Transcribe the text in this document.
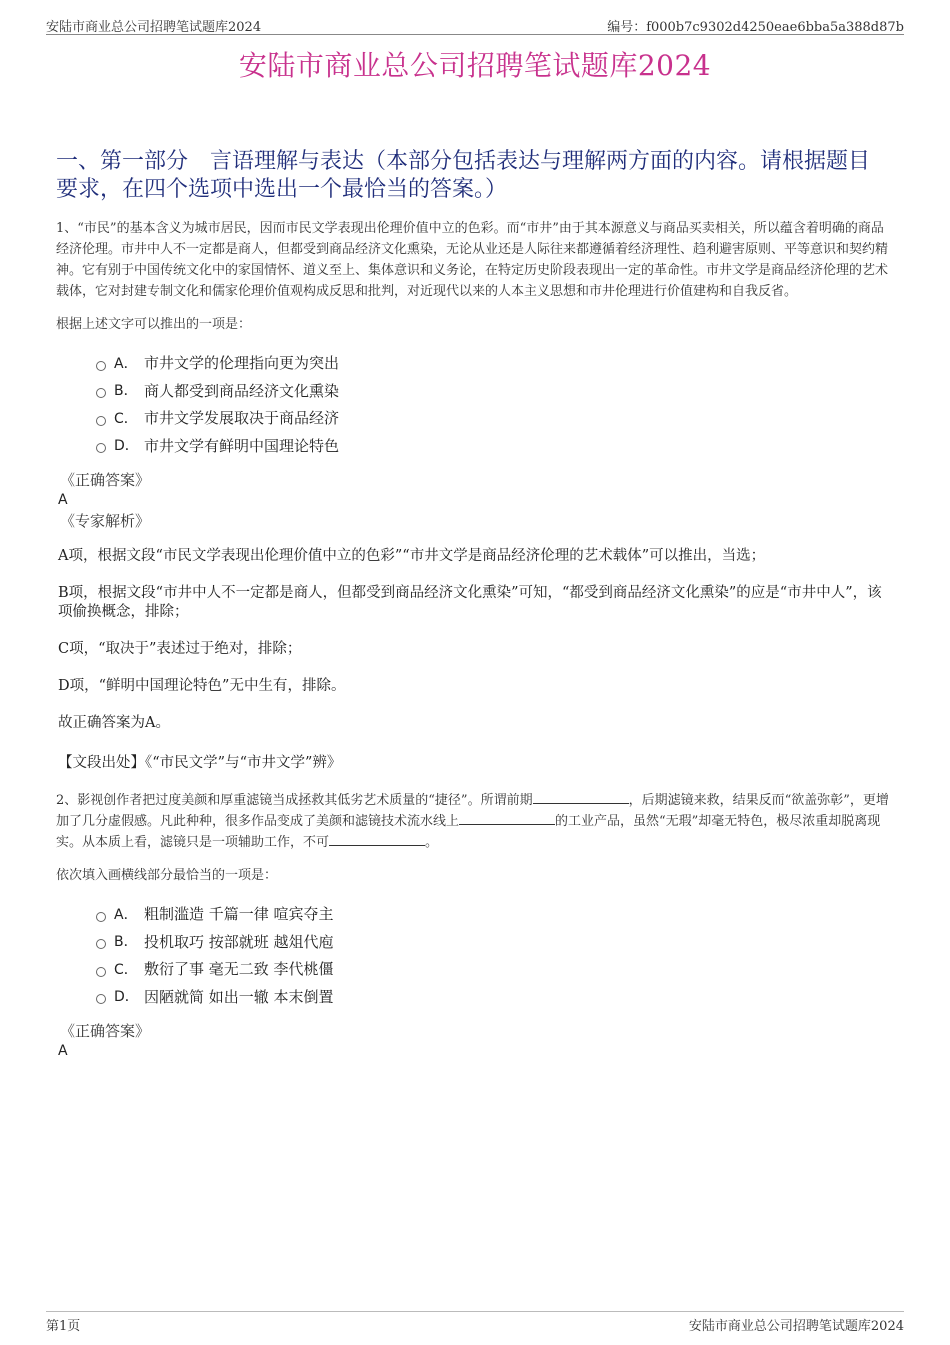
安陆市商业总公司招聘笔试题库2024	编号：f000b7c9302d4250eae6bba5a388d87b
安陆市商业总公司招聘笔试题库2024
一、第一部分　言语理解与表达（本部分包括表达与理解两方面的内容。请根据题目要求，在四个选项中选出一个最恰当的答案。）

1、“市民”的基本含义为城市居民，因而市民文学表现出伦理价值中立的色彩。而“市井”由于其本源意义与商品买卖相关，所以蕴含着明确的商品经济伦理。市井中人不一定都是商人，但都受到商品经济文化熏染，无论从业还是人际往来都遵循着经济理性、趋利避害原则、平等意识和契约精神。它有别于中国传统文化中的家国情怀、道义至上、集体意识和义务论，在特定历史阶段表现出一定的革命性。市井文学是商品经济伦理的艺术载体，它对封建专制文化和儒家伦理价值观构成反思和批判，对近现代以来的人本主义思想和市井伦理进行价值建构和自我反省。

根据上述文字可以推出的一项是：

A． 市井文学的伦理指向更为突出
B． 商人都受到商品经济文化熏染
C． 市井文学发展取决于商品经济
D． 市井文学有鲜明中国理论特色
《正确答案》
A
《专家解析》

A项，根据文段“市民文学表现出伦理价值中立的色彩”“市井文学是商品经济伦理的艺术载体”可以推出，当选；

B项，根据文段“市井中人不一定都是商人，但都受到商品经济文化熏染”可知，“都受到商品经济文化熏染”的应是“市井中人”，该项偷换概念，排除；

C项，“取决于”表述过于绝对，排除；

D项，“鲜明中国理论特色”无中生有，排除。

故正确答案为A。

【文段出处】《“市民文学”与“市井文学”辨》

2、影视创作者把过度美颜和厚重滤镜当成拯救其低劣艺术质量的“捷径”。所谓前期	，后期滤镜来救，结果反而“欲盖弥彰”，更增加了几分虚假感。凡此种种，很多作品变成了美颜和滤镜技术流水线上	的工业产品，虽然“无瑕”却毫无特色，极尽浓重却脱离现实。从本质上看，滤镜只是一项辅助工作，不可	。

依次填入画横线部分最恰当的一项是：

A． 粗制滥造 千篇一律 喧宾夺主
B． 投机取巧 按部就班 越俎代庖
C． 敷衍了事 毫无二致 李代桃僵
D． 因陋就简 如出一辙 本末倒置
《正确答案》
A
第1页	安陆市商业总公司招聘笔试题库2024
